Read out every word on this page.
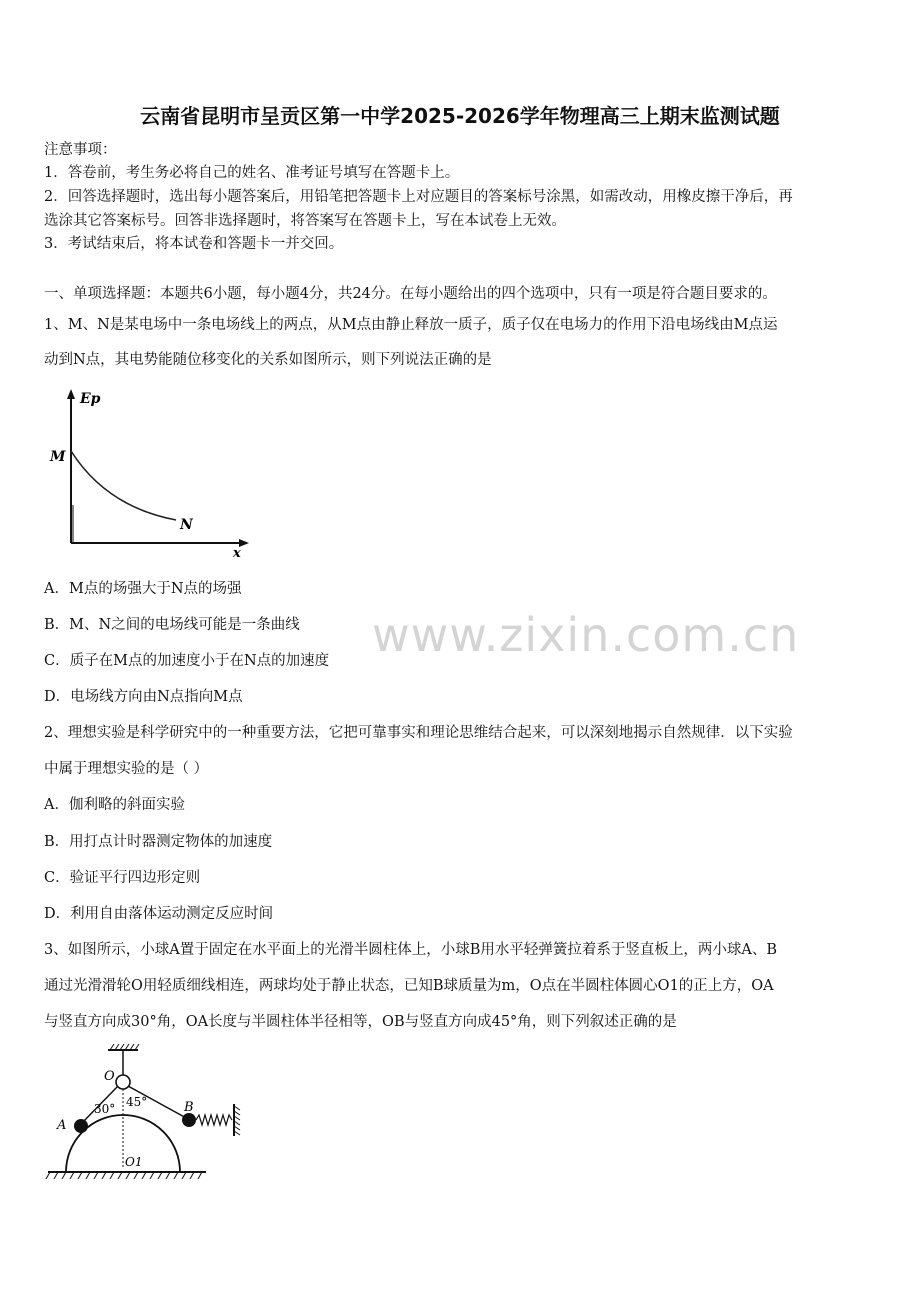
云南省昆明市呈贡区第一中学2025-2026学年物理高三上期末监测试题
注意事项：
1．答卷前，考生务必将自己的姓名、准考证号填写在答题卡上。
2．回答选择题时，选出每小题答案后，用铅笔把答题卡上对应题目的答案标号涂黑，如需改动，用橡皮擦干净后，再
选涂其它答案标号。回答非选择题时，将答案写在答题卡上，写在本试卷上无效。
3．考试结束后，将本试卷和答题卡一并交回。
一、单项选择题：本题共6小题，每小题4分，共24分。在每小题给出的四个选项中，只有一项是符合题目要求的。
1、M、N是某电场中一条电场线上的两点，从M点由静止释放一质子，质子仅在电场力的作用下沿电场线由M点运
动到N点，其电势能随位移变化的关系如图所示，则下列说法正确的是
Ep
x
M
N
A．M点的场强大于N点的场强
B．M、N之间的电场线可能是一条曲线
C．质子在M点的加速度小于在N点的加速度
D．电场线方向由N点指向M点
www.zixin.com.cn
2、理想实验是科学研究中的一种重要方法，它把可靠事实和理论思维结合起来，可以深刻地揭示自然规律．以下实验
中属于理想实验的是（ ）
A．伽利略的斜面实验
B．用打点计时器测定物体的加速度
C．验证平行四边形定则
D．利用自由落体运动测定反应时间
3、如图所示，小球A置于固定在水平面上的光滑半圆柱体上，小球B用水平轻弹簧拉着系于竖直板上，两小球A、B
通过光滑滑轮O用轻质细线相连，两球均处于静止状态，已知B球质量为m，O点在半圆柱体圆心O1的正上方，OA
与竖直方向成30°角，OA长度与半圆柱体半径相等，OB与竖直方向成45°角，则下列叙述正确的是
O
A
B
O1
30° 45°
